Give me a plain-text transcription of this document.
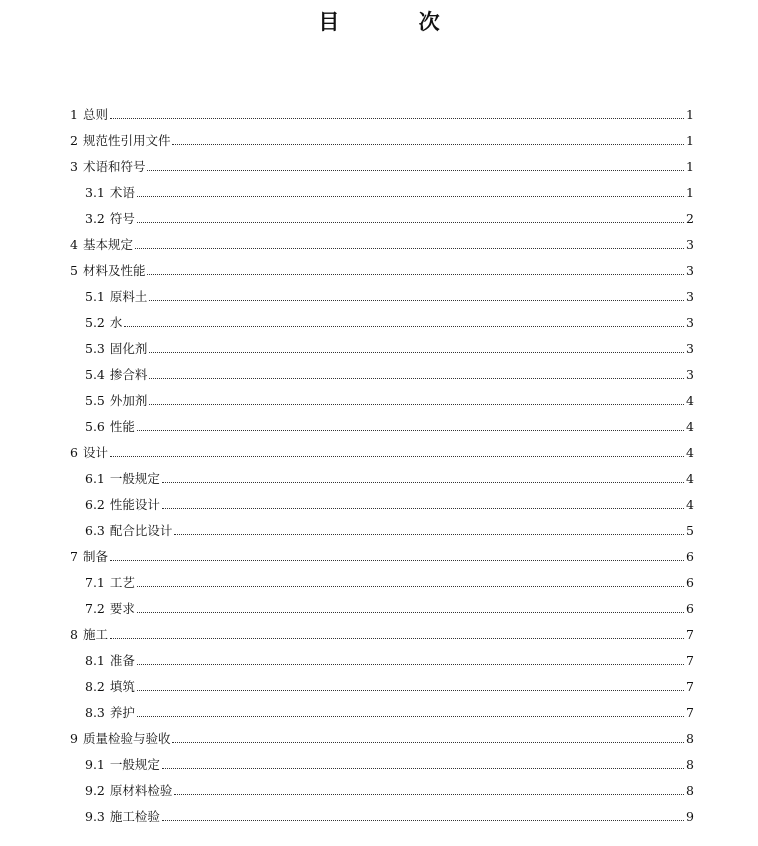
目 次
1 总则	1
2 规范性引用文件	1
3 术语和符号	1
3.1 术语	1
3.2 符号	2
4 基本规定	3
5 材料及性能	3
5.1 原料土	3
5.2 水	3
5.3 固化剂	3
5.4 掺合料	3
5.5 外加剂	4
5.6 性能	4
6 设计	4
6.1 一般规定	4
6.2 性能设计	4
6.3 配合比设计	5
7 制备	6
7.1 工艺	6
7.2 要求	6
8 施工	7
8.1 准备	7
8.2 填筑	7
8.3 养护	7
9 质量检验与验收	8
9.1 一般规定	8
9.2 原材料检验	8
9.3 施工检验	9
